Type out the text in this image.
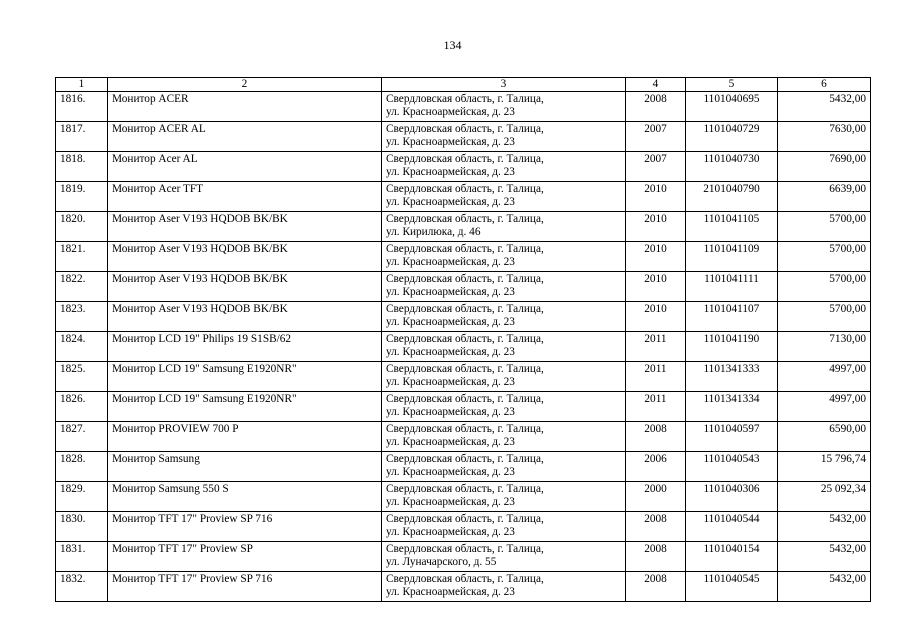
134
1	2	3	4	5	6
1816.	Монитор ACER	Свердловская область, г. Талица,
ул. Красноармейская, д. 23	2008	1101040695	5432,00
1817.	Монитор ACER AL	Свердловская область, г. Талица,
ул. Красноармейская, д. 23	2007	1101040729	7630,00
1818.	Монитор Acer AL	Свердловская область, г. Талица,
ул. Красноармейская, д. 23	2007	1101040730	7690,00
1819.	Монитор Acer TFT	Свердловская область, г. Талица,
ул. Красноармейская, д. 23	2010	2101040790	6639,00
1820.	Монитор Aser V193 HQDOB BK/BK	Свердловская область, г. Талица,
ул. Кирилюка, д. 46	2010	1101041105	5700,00
1821.	Монитор Aser V193 HQDOB BK/BK	Свердловская область, г. Талица,
ул. Красноармейская, д. 23	2010	1101041109	5700,00
1822.	Монитор Aser V193 HQDOB BK/BK	Свердловская область, г. Талица,
ул. Красноармейская, д. 23	2010	1101041111	5700,00
1823.	Монитор Aser V193 HQDOB BK/BK	Свердловская область, г. Талица,
ул. Красноармейская, д. 23	2010	1101041107	5700,00
1824.	Монитор LCD 19" Philips 19 S1SB/62	Свердловская область, г. Талица,
ул. Красноармейская, д. 23	2011	1101041190	7130,00
1825.	Монитор LCD 19" Samsung E1920NR"	Свердловская область, г. Талица,
ул. Красноармейская, д. 23	2011	1101341333	4997,00
1826.	Монитор LCD 19" Samsung E1920NR"	Свердловская область, г. Талица,
ул. Красноармейская, д. 23	2011	1101341334	4997,00
1827.	Монитор PROVIEW 700 P	Свердловская область, г. Талица,
ул. Красноармейская, д. 23	2008	1101040597	6590,00
1828.	Монитор Samsung	Свердловская область, г. Талица,
ул. Красноармейская, д. 23	2006	1101040543	15 796,74
1829.	Монитор Samsung 550 S	Свердловская область, г. Талица,
ул. Красноармейская, д. 23	2000	1101040306	25 092,34
1830.	Монитор TFT 17" Proview SP 716	Свердловская область, г. Талица,
ул. Красноармейская, д. 23	2008	1101040544	5432,00
1831.	Монитор TFT 17" Proview SP	Свердловская область, г. Талица,
ул. Луначарского, д. 55	2008	1101040154	5432,00
1832.	Монитор TFT 17" Proview SP 716	Свердловская область, г. Талица,
ул. Красноармейская, д. 23	2008	1101040545	5432,00
